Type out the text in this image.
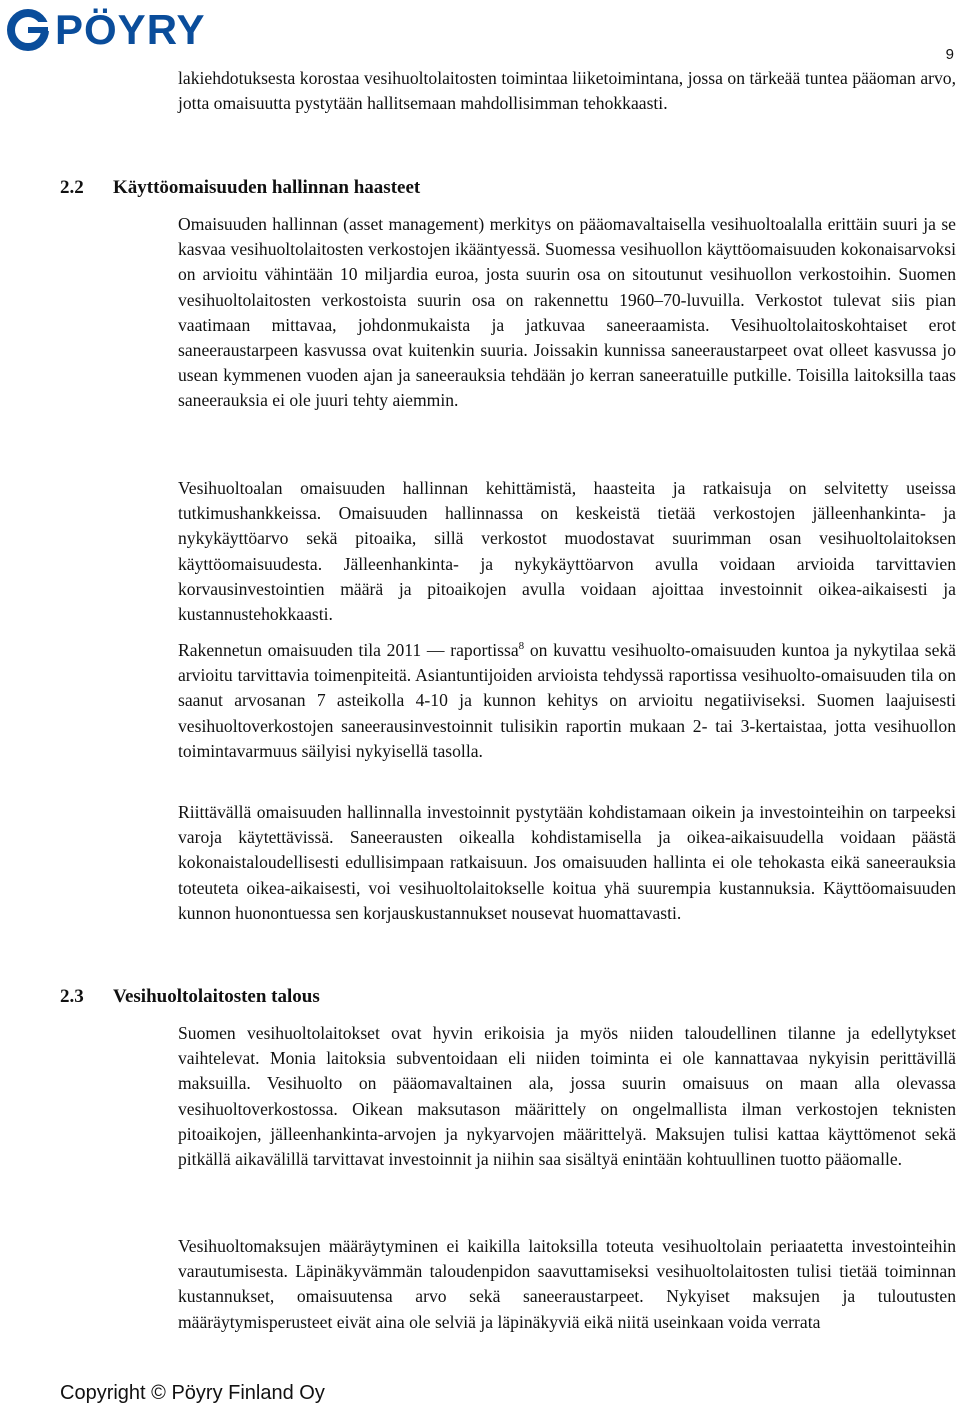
PÖYRY
9

lakiehdotuksesta korostaa vesihuoltolaitosten toimintaa liiketoimintana, jossa on tärkeää tuntea pääoman arvo, jotta omaisuutta pystytään hallitsemaan mahdollisimman tehokkaasti.

2.2 Käyttöomaisuuden hallinnan haasteet

Omaisuuden hallinnan (asset management) merkitys on pääomavaltaisella vesihuoltoalalla erittäin suuri ja se kasvaa vesihuoltolaitosten verkostojen ikääntyessä. Suomessa vesihuollon käyttöomaisuuden kokonaisarvoksi on arvioitu vähintään 10 miljardia euroa, josta suurin osa on sitoutunut vesihuollon verkostoihin. Suomen vesihuoltolaitosten verkostoista suurin osa on rakennettu 1960–70-luvuilla. Verkostot tulevat siis pian vaatimaan mittavaa, johdonmukaista ja jatkuvaa saneeraamista. Vesihuoltolaitoskohtaiset erot saneeraustarpeen kasvussa ovat kuitenkin suuria. Joissakin kunnissa saneeraustarpeet ovat olleet kasvussa jo usean kymmenen vuoden ajan ja saneerauksia tehdään jo kerran saneeratuille putkille. Toisilla laitoksilla taas saneerauksia ei ole juuri tehty aiemmin.

Vesihuoltoalan omaisuuden hallinnan kehittämistä, haasteita ja ratkaisuja on selvitetty useissa tutkimushankkeissa. Omaisuuden hallinnassa on keskeistä tietää verkostojen jälleenhankinta- ja nykykäyttöarvo sekä pitoaika, sillä verkostot muodostavat suurimman osan vesihuoltolaitoksen käyttöomaisuudesta. Jälleenhankinta- ja nykykäyttöarvon avulla voidaan arvioida tarvittavien korvausinvestointien määrä ja pitoaikojen avulla voidaan ajoittaa investoinnit oikea-aikaisesti ja kustannustehokkaasti.

Rakennetun omaisuuden tila 2011 — raportissa$^8$ on kuvattu vesihuolto-omaisuuden kuntoa ja nykytilaa sekä arvioitu tarvittavia toimenpiteitä. Asiantuntijoiden arvioista tehdyssä raportissa vesihuolto-omaisuuden tila on saanut arvosanan 7 asteikolla 4-10 ja kunnon kehitys on arvioitu negatiiviseksi. Suomen laajuisesti vesihuoltoverkostojen saneerausinvestoinnit tulisikin raportin mukaan 2- tai 3-kertaistaa, jotta vesihuollon toimintavarmuus säilyisi nykyisellä tasolla.

Riittävällä omaisuuden hallinnalla investoinnit pystytään kohdistamaan oikein ja investointeihin on tarpeeksi varoja käytettävissä. Saneerausten oikealla kohdistamisella ja oikea-aikaisuudella voidaan päästä kokonaistaloudellisesti edullisimpaan ratkaisuun. Jos omaisuuden hallinta ei ole tehokasta eikä saneerauksia toteuteta oikea-aikaisesti, voi vesihuoltolaitokselle koitua yhä suurempia kustannuksia. Käyttöomaisuuden kunnon huonontuessa sen korjauskustannukset nousevat huomattavasti.

2.3 Vesihuoltolaitosten talous

Suomen vesihuoltolaitokset ovat hyvin erikoisia ja myös niiden taloudellinen tilanne ja edellytykset vaihtelevat. Monia laitoksia subventoidaan eli niiden toiminta ei ole kannattavaa nykyisin perittävillä maksuilla. Vesihuolto on pääomavaltainen ala, jossa suurin omaisuus on maan alla olevassa vesihuoltoverkostossa. Oikean maksutason määrittely on ongelmallista ilman verkostojen teknisten pitoaikojen, jälleenhankinta-arvojen ja nykyarvojen määrittelyä. Maksujen tulisi kattaa käyttömenot sekä pitkällä aikavälillä tarvittavat investoinnit ja niihin saa sisältyä enintään kohtuullinen tuotto pääomalle.

Vesihuoltomaksujen määräytyminen ei kaikilla laitoksilla toteuta vesihuoltolain periaatetta investointeihin varautumisesta. Läpinäkyvämmän taloudenpidon saavuttamiseksi vesihuoltolaitosten tulisi tietää toiminnan kustannukset, omaisuutensa arvo sekä saneeraustarpeet. Nykyiset maksujen ja tuloutusten määräytymisperusteet eivät aina ole selviä ja läpinäkyviä eikä niitä useinkaan voida verrata

Copyright © Pöyry Finland Oy
